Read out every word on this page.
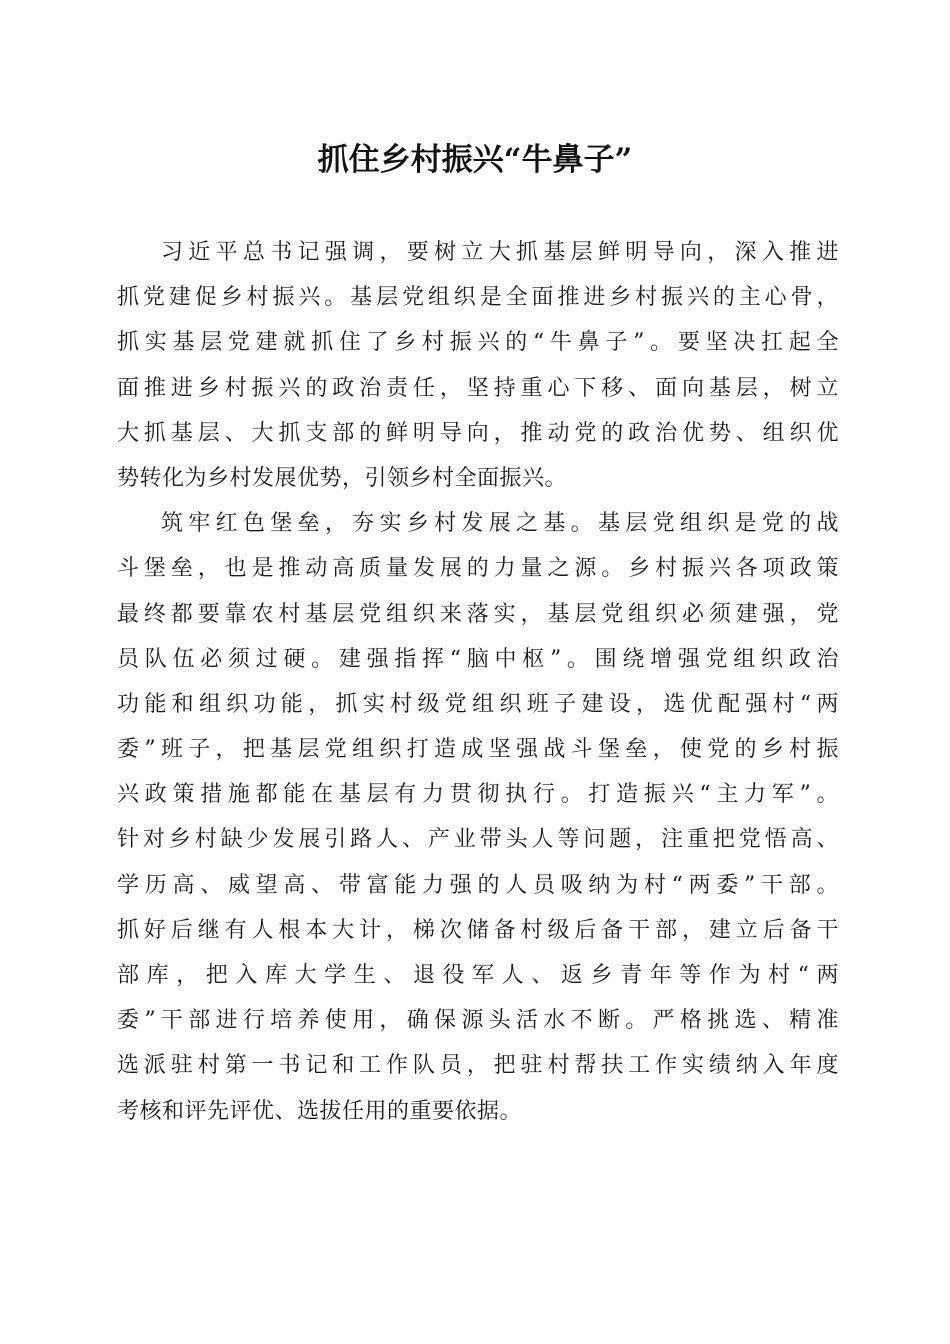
抓住乡村振兴“牛鼻子”
习近平总书记强调，要树立大抓基层鲜明导向，深入推进
抓党建促乡村振兴。基层党组织是全面推进乡村振兴的主心骨，
抓实基层党建就抓住了乡村振兴的“牛鼻子”。要坚决扛起全
面推进乡村振兴的政治责任，坚持重心下移、面向基层，树立
大抓基层、大抓支部的鲜明导向，推动党的政治优势、组织优
势转化为乡村发展优势，引领乡村全面振兴。
筑牢红色堡垒，夯实乡村发展之基。基层党组织是党的战
斗堡垒，也是推动高质量发展的力量之源。乡村振兴各项政策
最终都要靠农村基层党组织来落实，基层党组织必须建强，党
员队伍必须过硬。建强指挥“脑中枢”。围绕增强党组织政治
功能和组织功能，抓实村级党组织班子建设，选优配强村“两
委”班子，把基层党组织打造成坚强战斗堡垒，使党的乡村振
兴政策措施都能在基层有力贯彻执行。打造振兴“主力军”。
针对乡村缺少发展引路人、产业带头人等问题，注重把党悟高、
学历高、威望高、带富能力强的人员吸纳为村“两委”干部。
抓好后继有人根本大计，梯次储备村级后备干部，建立后备干
部库，把入库大学生、退役军人、返乡青年等作为村“两
委”干部进行培养使用，确保源头活水不断。严格挑选、精准
选派驻村第一书记和工作队员，把驻村帮扶工作实绩纳入年度
考核和评先评优、选拔任用的重要依据。
